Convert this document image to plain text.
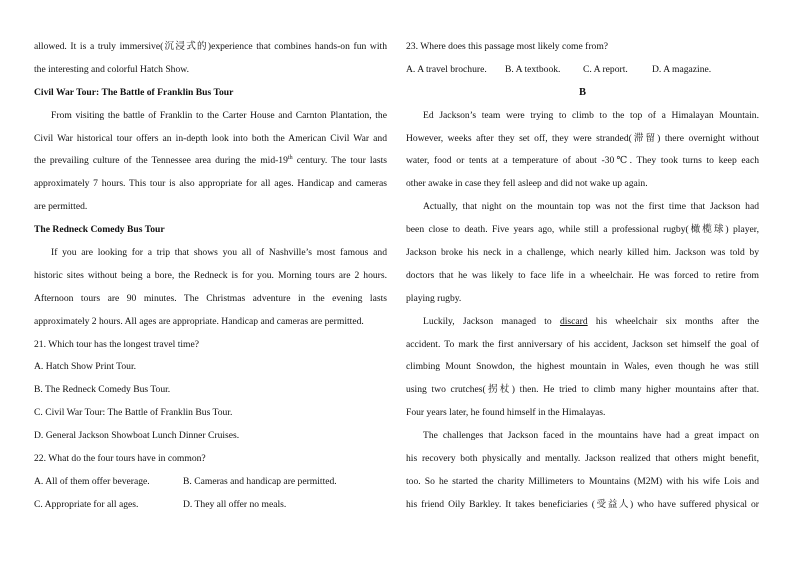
allowed. It is a truly immersive(沉浸式的)experience that combines hands-on fun with
the interesting and colorful Hatch Show.
Civil War Tour: The Battle of Franklin Bus Tour
From visiting the battle of Franklin to the Carter House and Carnton Plantation, the
Civil War historical tour offers an in-depth look into both the American Civil War and
the prevailing culture of the Tennessee area during the mid-19th century. The tour lasts
approximately 7 hours. This tour is also appropriate for all ages. Handicap and cameras
are permitted.
The Redneck Comedy Bus Tour
If you are looking for a trip that shows you all of Nashville’s most famous and
historic sites without being a bore, the Redneck is for you. Morning tours are 2 hours.
Afternoon tours are 90 minutes. The Christmas adventure in the evening lasts
approximately 2 hours. All ages are appropriate. Handicap and cameras are permitted.
21. Which tour has the longest travel time?
A. Hatch Show Print Tour.
B. The Redneck Comedy Bus Tour.
C. Civil War Tour: The Battle of Franklin Bus Tour.
D. General Jackson Showboat Lunch Dinner Cruises.
22. What do the four tours have in common?
A. All of them offer beverage.	B. Cameras and handicap are permitted.
C. Appropriate for all ages.	D. They all offer no meals.
23. Where does this passage most likely come from?
A. A travel brochure. B. A textbook. C. A report.	D. A magazine.
B
Ed Jackson’s team were trying to climb to the top of a Himalayan Mountain.
However, weeks after they set off, they were stranded(滞留) there overnight without
water, food or tents at a temperature of about -30℃. They took turns to keep each
other awake in case they fell asleep and did not wake up again.
Actually, that night on the mountain top was not the first time that Jackson had
been close to death. Five years ago, while still a professional rugby(橄榄球) player,
Jackson broke his neck in a challenge, which nearly killed him. Jackson was told by
doctors that he was likely to face life in a wheelchair. He was forced to retire from
playing rugby.
Luckily, Jackson managed to discard his wheelchair six months after the
accident. To mark the first anniversary of his accident, Jackson set himself the goal of
climbing Mount Snowdon, the highest mountain in Wales, even though he was still
using two crutches(拐杖) then. He tried to climb many higher mountains after that.
Four years later, he found himself in the Himalayas.
The challenges that Jackson faced in the mountains have had a great impact on
his recovery both physically and mentally. Jackson realized that others might benefit,
too. So he started the charity Millimeters to Mountains (M2M) with his wife Lois and
his friend Oily Barkley. It takes beneficiaries (受益人) who have suffered physical or
